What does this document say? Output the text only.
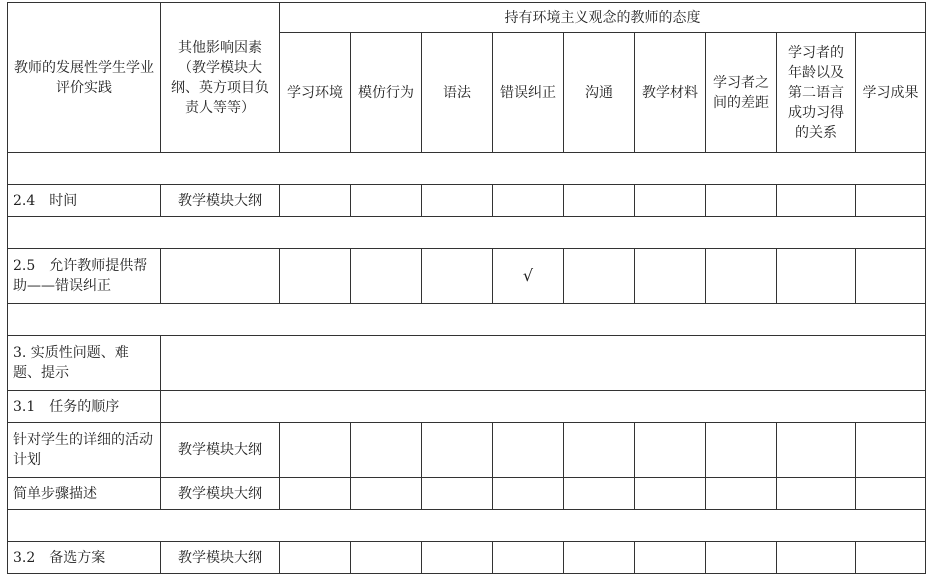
教师的发展性学生学业评价实践	其他影响因素（教学模块大纲、英方项目负责人等等）	持有环境主义观念的教师的态度								
		学习环境	模仿行为	语法	错误纠正	沟通	教学材料	学习者之间的差距	学习者的年龄以及第二语言成功习得的关系	学习成果

2.4　时间	教学模块大纲									

2.5　允许教师提供帮助——错误纠正					√					

3. 实质性问题、难题、提示										
3.1　任务的顺序										
针对学生的详细的活动计划	教学模块大纲									
简单步骤描述	教学模块大纲									

3.2　备选方案	教学模块大纲									
